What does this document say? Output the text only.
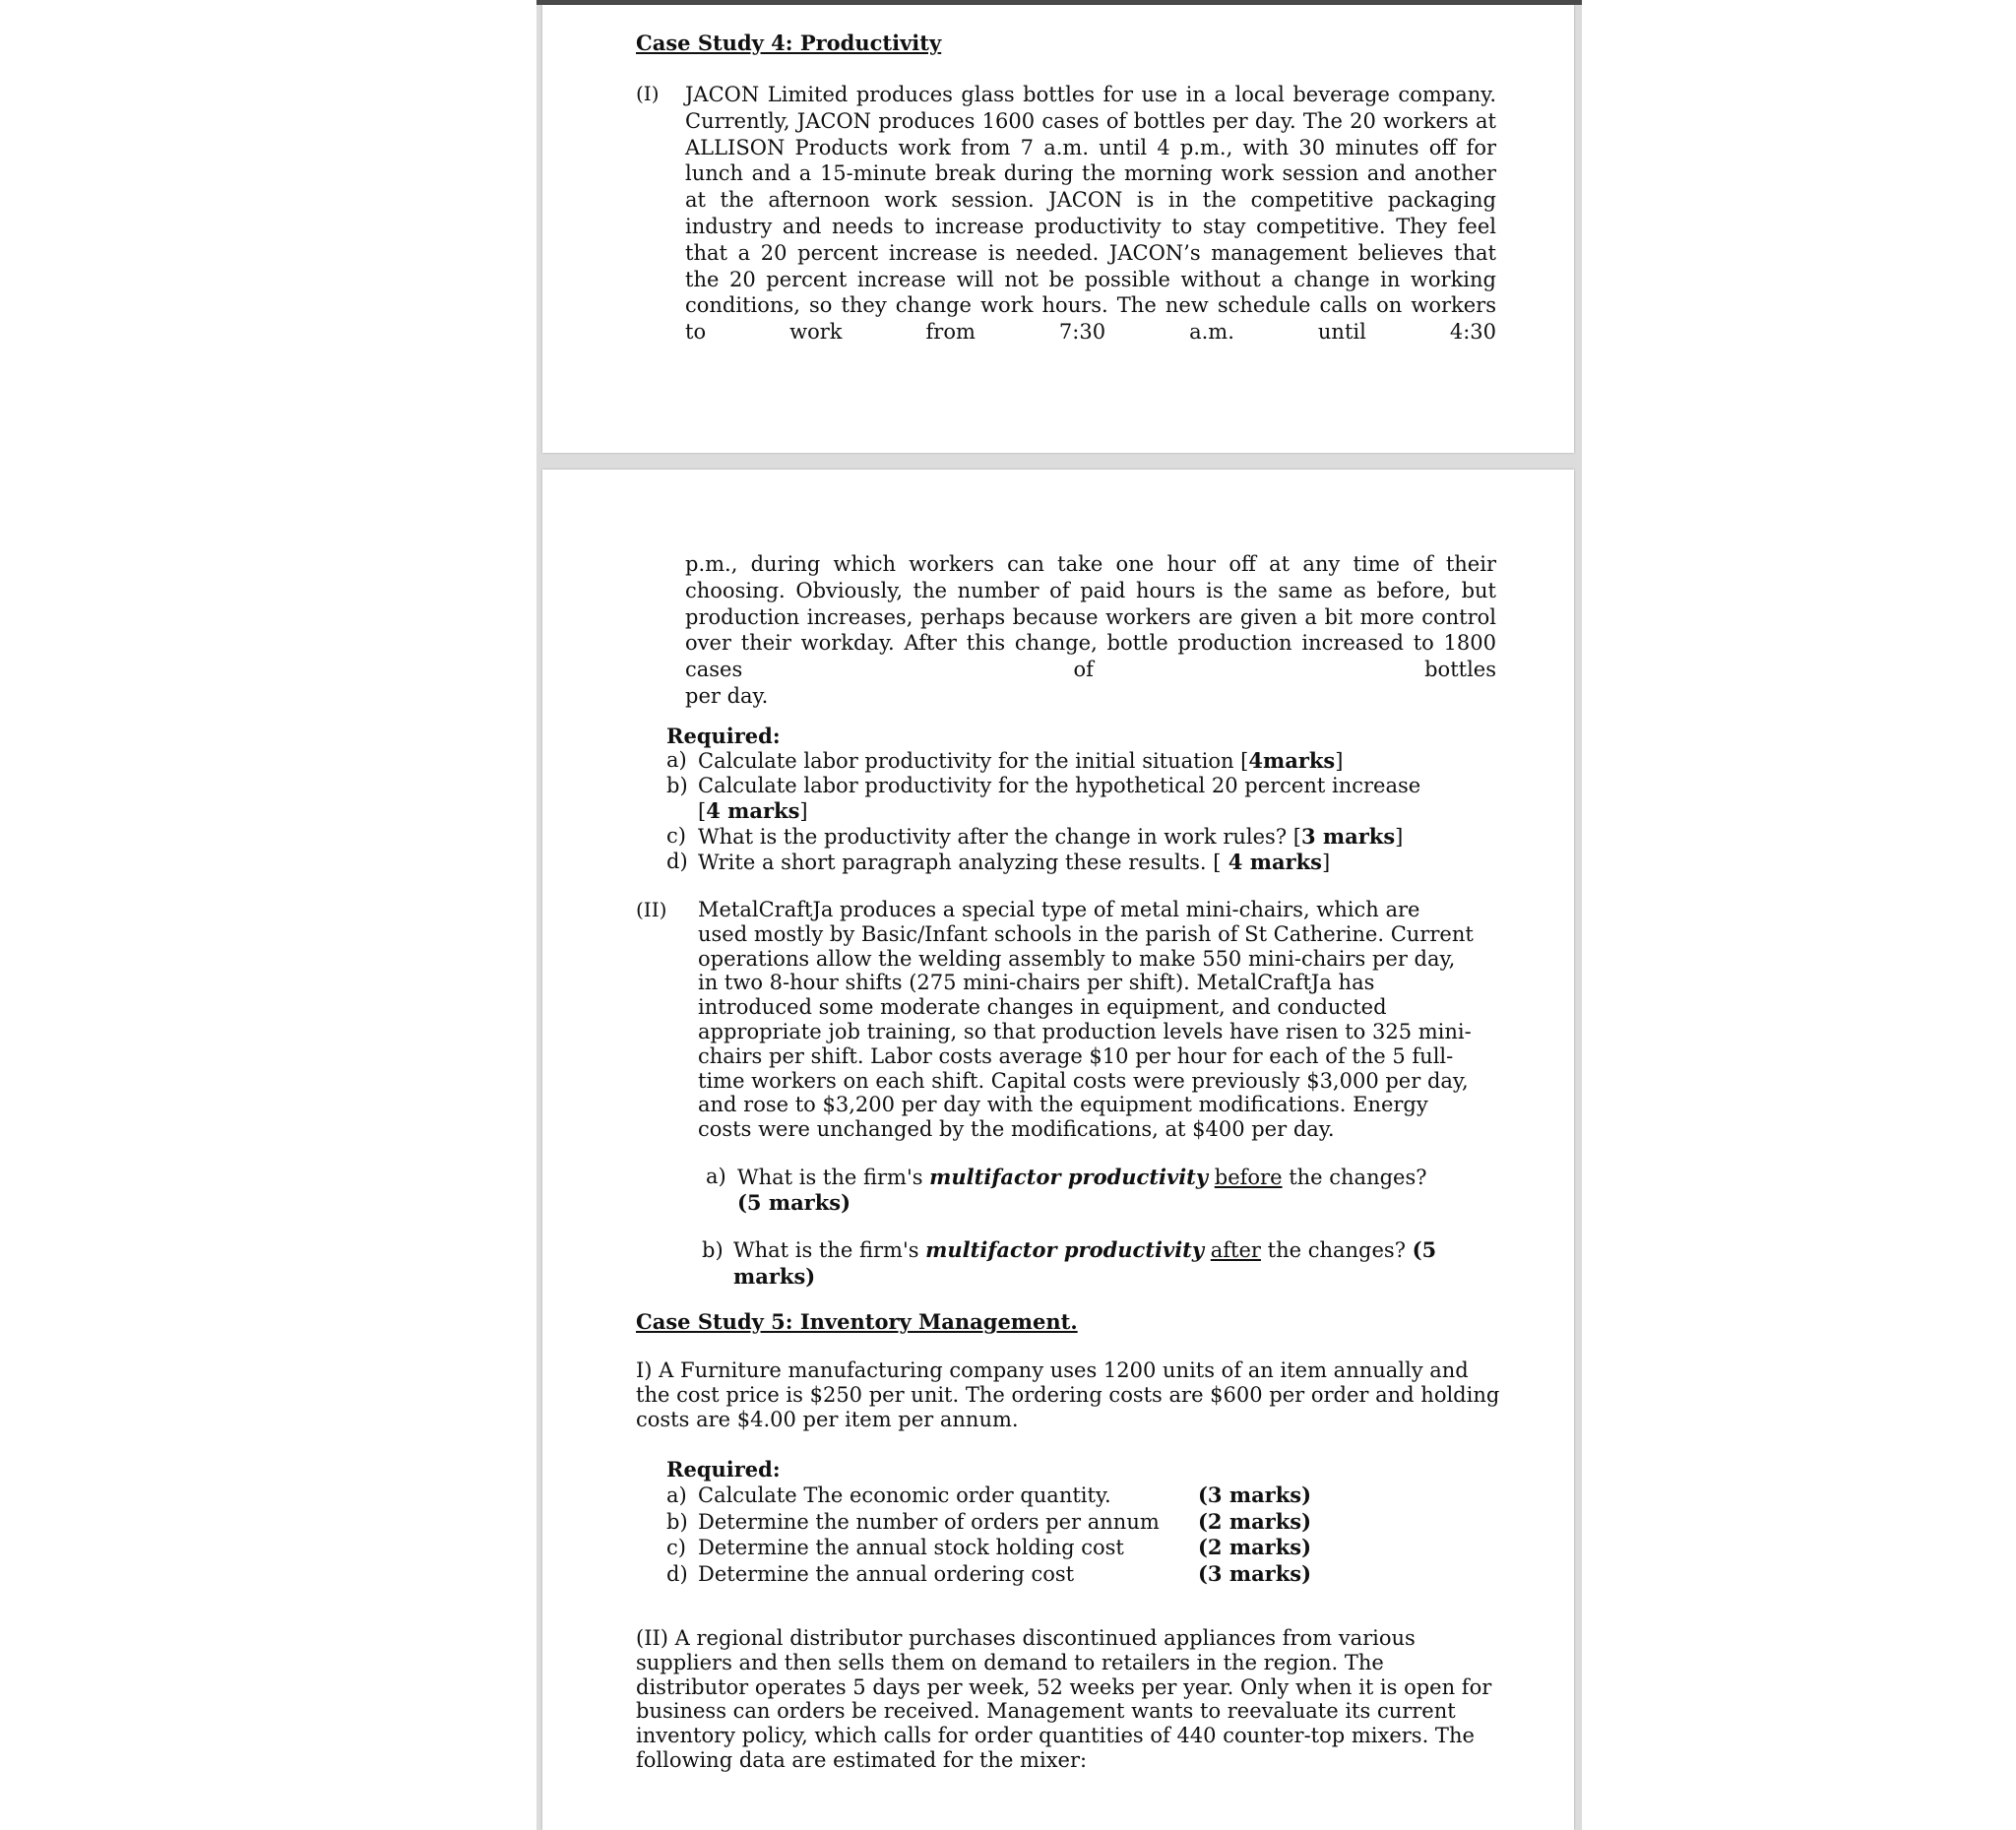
Case Study 4: Productivity
(I) JACON Limited produces glass bottles for use in a local beverage company. Currently, JACON produces 1600 cases of bottles per day. The 20 workers at ALLISON Products work from 7 a.m. until 4 p.m., with 30 minutes off for lunch and a 15-minute break during the morning work session and another at the afternoon work session. JACON is in the competitive packaging industry and needs to increase productivity to stay competitive. They feel that a 20 percent increase is needed. JACON’s management believes that the 20 percent increase will not be possible without a change in working conditions, so they change work hours. The new schedule calls on workers to work from 7:30 a.m. until 4:30
p.m., during which workers can take one hour off at any time of their choosing. Obviously, the number of paid hours is the same as before, but production increases, perhaps because workers are given a bit more control over their workday. After this change, bottle production increased to 1800 cases of bottles
per day.
Required:
a) Calculate labor productivity for the initial situation [4marks]
b) Calculate labor productivity for the hypothetical 20 percent increase [4 marks]
c) What is the productivity after the change in work rules? [3 marks]
d) Write a short paragraph analyzing these results. [ 4 marks]
(II) MetalCraftJa produces a special type of metal mini-chairs, which are used mostly by Basic/Infant schools in the parish of St Catherine. Current operations allow the welding assembly to make 550 mini-chairs per day, in two 8-hour shifts (275 mini-chairs per shift). MetalCraftJa has introduced some moderate changes in equipment, and conducted appropriate job training, so that production levels have risen to 325 mini-chairs per shift. Labor costs average $10 per hour for each of the 5 full-time workers on each shift. Capital costs were previously $3,000 per day, and rose to $3,200 per day with the equipment modifications. Energy costs were unchanged by the modifications, at $400 per day.
a) What is the firm's multifactor productivity before the changes?
(5 marks)
b) What is the firm's multifactor productivity after the changes? (5 marks)
Case Study 5: Inventory Management.
I) A Furniture manufacturing company uses 1200 units of an item annually and the cost price is $250 per unit. The ordering costs are $600 per order and holding costs are $4.00 per item per annum.
Required:
a) Calculate The economic order quantity.	(3 marks)
b) Determine the number of orders per annum (2 marks)
c) Determine the annual stock holding cost	(2 marks)
d) Determine the annual ordering cost	(3 marks)
(II) A regional distributor purchases discontinued appliances from various suppliers and then sells them on demand to retailers in the region. The distributor operates 5 days per week, 52 weeks per year. Only when it is open for business can orders be received. Management wants to reevaluate its current inventory policy, which calls for order quantities of 440 counter-top mixers. The following data are estimated for the mixer:
